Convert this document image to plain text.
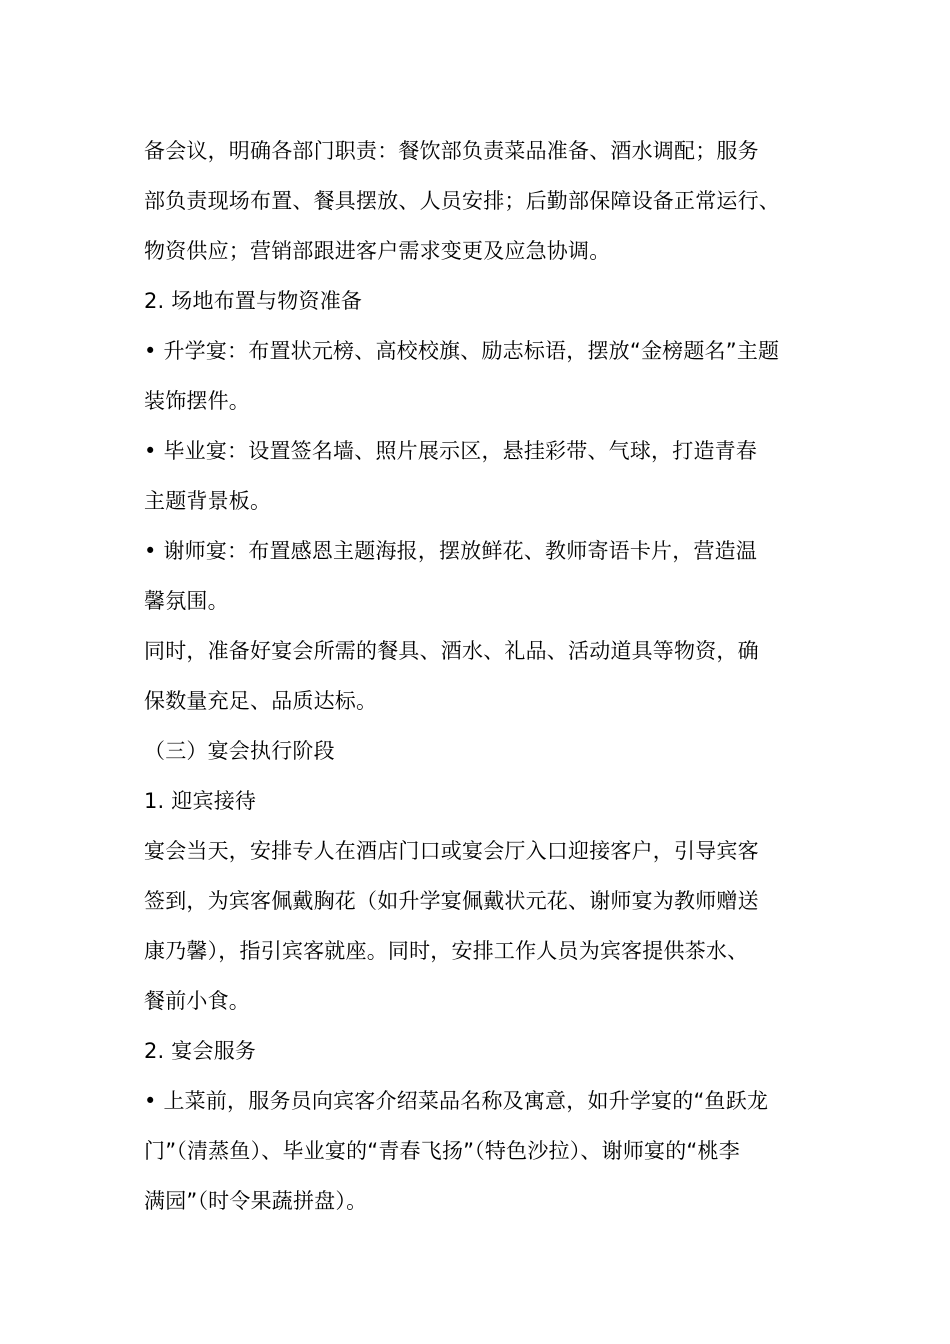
备会议，明确各部门职责：餐饮部负责菜品准备、酒水调配；服务
部负责现场布置、餐具摆放、人员安排；后勤部保障设备正常运行、
物资供应；营销部跟进客户需求变更及应急协调。
2. 场地布置与物资准备
• 升学宴：布置状元榜、高校校旗、励志标语，摆放“金榜题名”主题
装饰摆件。
• 毕业宴：设置签名墙、照片展示区，悬挂彩带、气球，打造青春
主题背景板。
• 谢师宴：布置感恩主题海报，摆放鲜花、教师寄语卡片，营造温
馨氛围。
同时，准备好宴会所需的餐具、酒水、礼品、活动道具等物资，确
保数量充足、品质达标。
（三）宴会执行阶段
1. 迎宾接待
宴会当天，安排专人在酒店门口或宴会厅入口迎接客户，引导宾客
签到，为宾客佩戴胸花（如升学宴佩戴状元花、谢师宴为教师赠送
康乃馨），指引宾客就座。同时，安排工作人员为宾客提供茶水、
餐前小食。
2. 宴会服务
• 上菜前，服务员向宾客介绍菜品名称及寓意，如升学宴的“鱼跃龙
门”（清蒸鱼）、毕业宴的“青春飞扬”（特色沙拉）、谢师宴的“桃李
满园”（时令果蔬拼盘）。
